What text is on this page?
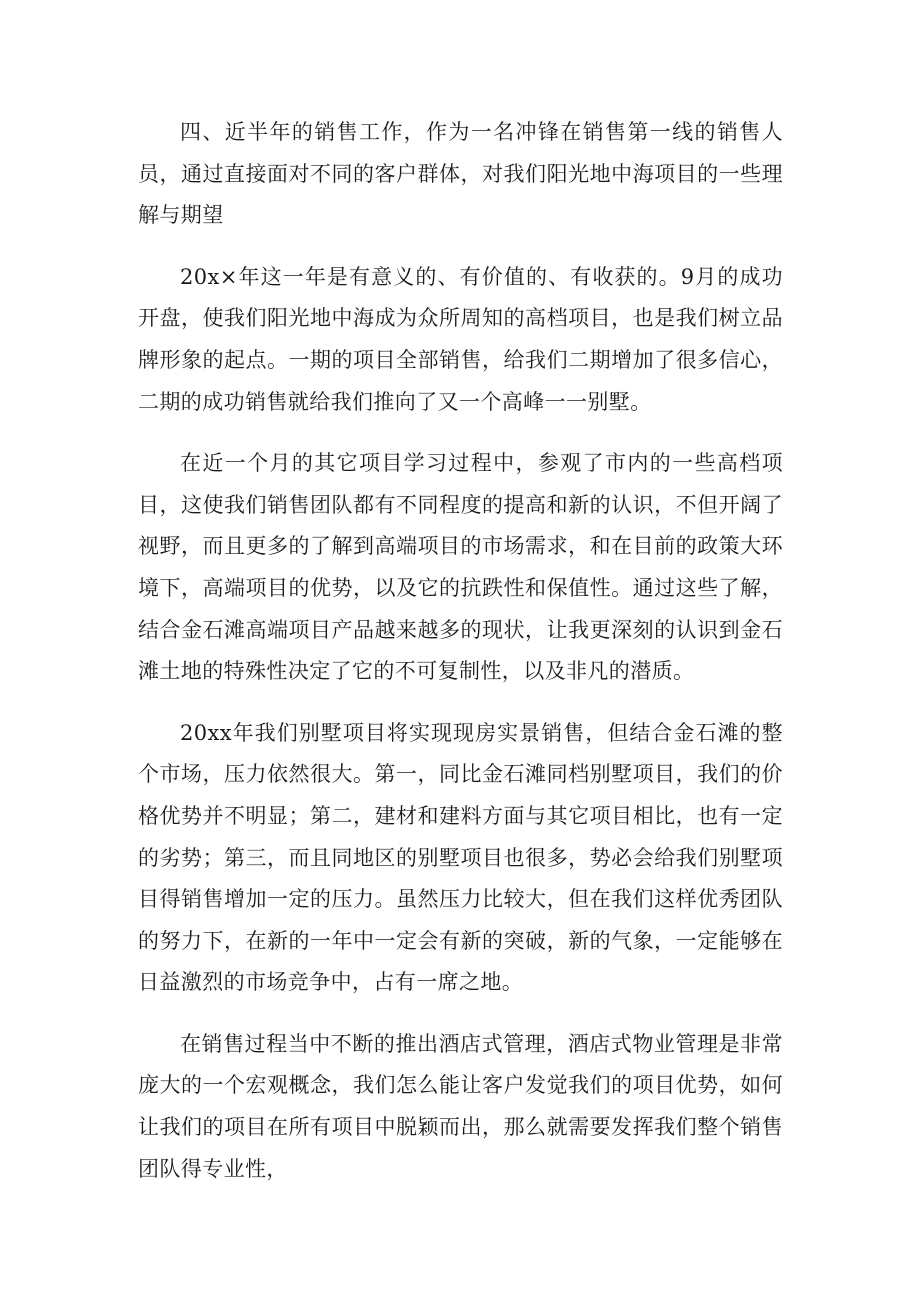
四、近半年的销售工作，作为一名冲锋在销售第一线的销售人员，通过直接面对不同的客户群体，对我们阳光地中海项目的一些理解与期望

20x×年这一年是有意义的、有价值的、有收获的。9月的成功开盘，使我们阳光地中海成为众所周知的高档项目，也是我们树立品牌形象的起点。一期的项目全部销售，给我们二期增加了很多信心，二期的成功销售就给我们推向了又一个高峰一一别墅。

在近一个月的其它项目学习过程中，参观了市内的一些高档项目，这使我们销售团队都有不同程度的提高和新的认识，不但开阔了视野，而且更多的了解到高端项目的市场需求，和在目前的政策大环境下，高端项目的优势，以及它的抗跌性和保值性。通过这些了解，结合金石滩高端项目产品越来越多的现状，让我更深刻的认识到金石滩土地的特殊性决定了它的不可复制性，以及非凡的潜质。

20xx年我们别墅项目将实现现房实景销售，但结合金石滩的整个市场，压力依然很大。第一，同比金石滩同档别墅项目，我们的价格优势并不明显；第二，建材和建料方面与其它项目相比，也有一定的劣势；第三，而且同地区的别墅项目也很多，势必会给我们别墅项目得销售增加一定的压力。虽然压力比较大，但在我们这样优秀团队的努力下，在新的一年中一定会有新的突破，新的气象，一定能够在日益激烈的市场竞争中，占有一席之地。

在销售过程当中不断的推出酒店式管理，酒店式物业管理是非常庞大的一个宏观概念，我们怎么能让客户发觉我们的项目优势，如何让我们的项目在所有项目中脱颖而出，那么就需要发挥我们整个销售团队得专业性，
